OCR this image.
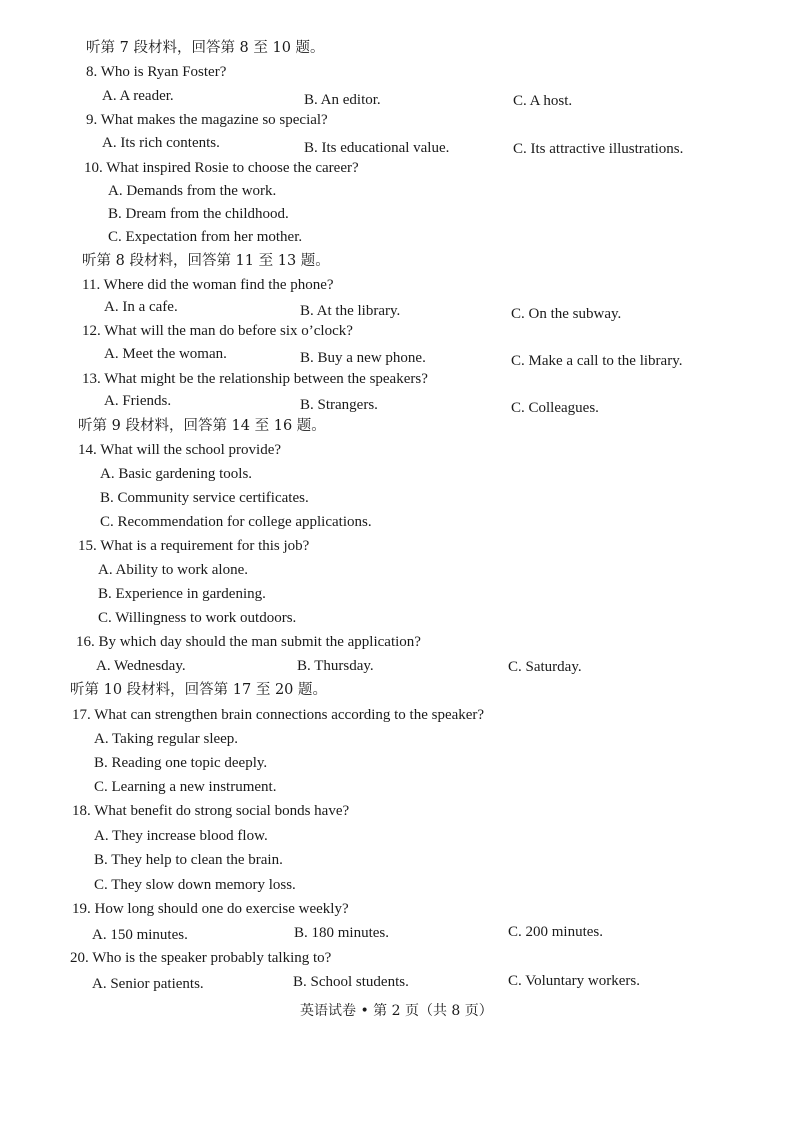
听第 7 段材料，回答第 8 至 10 题。
8. Who is Ryan Foster?
A. A reader.	B. An editor.	C. A host.
9. What makes the magazine so special?
A. Its rich contents.	B. Its educational value.	C. Its attractive illustrations.
10. What inspired Rosie to choose the career?
A. Demands from the work.
B. Dream from the childhood.
C. Expectation from her mother.
听第 8 段材料，回答第 11 至 13 题。
11. Where did the woman find the phone?
A. In a cafe.	B. At the library.	C. On the subway.
12. What will the man do before six o’clock?
A. Meet the woman.	B. Buy a new phone.	C. Make a call to the library.
13. What might be the relationship between the speakers?
A. Friends.	B. Strangers.	C. Colleagues.
听第 9 段材料，回答第 14 至 16 题。
14. What will the school provide?
A. Basic gardening tools.
B. Community service certificates.
C. Recommendation for college applications.
15. What is a requirement for this job?
A. Ability to work alone.
B. Experience in gardening.
C. Willingness to work outdoors.
16. By which day should the man submit the application?
A. Wednesday.	B. Thursday.	C. Saturday.
听第 10 段材料，回答第 17 至 20 题。
17. What can strengthen brain connections according to the speaker?
A. Taking regular sleep.
B. Reading one topic deeply.
C. Learning a new instrument.
18. What benefit do strong social bonds have?
A. They increase blood flow.
B. They help to clean the brain.
C. They slow down memory loss.
19. How long should one do exercise weekly?
A. 150 minutes.	B. 180 minutes.	C. 200 minutes.
20. Who is the speaker probably talking to?
A. Senior patients.	B. School students.	C. Voluntary workers.
英语试卷 • 第 2 页（共 8 页）
